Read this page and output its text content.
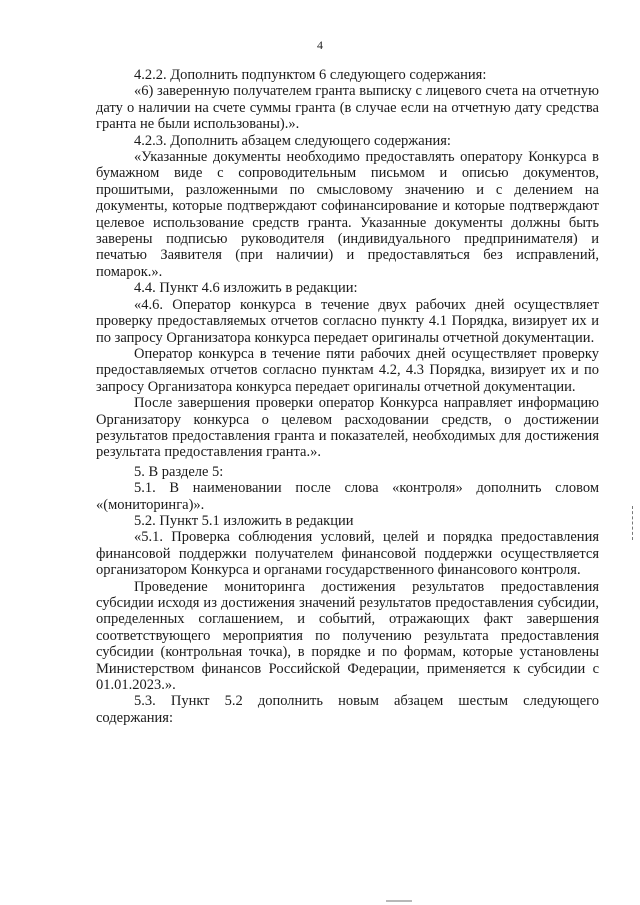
4

4.2.2. Дополнить подпунктом 6 следующего содержания:

«6) заверенную получателем гранта выписку с лицевого счета на отчетную дату о наличии на счете суммы гранта (в случае если на отчетную дату средства гранта не были использованы).».

4.2.3. Дополнить абзацем следующего содержания:

«Указанные документы необходимо предоставлять оператору Конкурса в бумажном виде с сопроводительным письмом и описью документов, прошитыми, разложенными по смысловому значению и с делением на документы, которые подтверждают софинансирование и которые подтверждают целевое использование средств гранта. Указанные документы должны быть заверены подписью руководителя (индивидуального предпринимателя) и печатью Заявителя (при наличии) и предоставляться без исправлений, помарок.».

4.4. Пункт 4.6 изложить в редакции:

«4.6. Оператор конкурса в течение двух рабочих дней осуществляет проверку предоставляемых отчетов согласно пункту 4.1 Порядка, визирует их и по запросу Организатора конкурса передает оригиналы отчетной документации.

Оператор конкурса в течение пяти рабочих дней осуществляет проверку предоставляемых отчетов согласно пунктам 4.2, 4.3 Порядка, визирует их и по запросу Организатора конкурса передает оригиналы отчетной документации.

После завершения проверки оператор Конкурса направляет информацию Организатору конкурса о целевом расходовании средств, о достижении результатов предоставления гранта и показателей, необходимых для достижения результата предоставления гранта.».

5. В разделе 5:

5.1. В наименовании после слова «контроля» дополнить словом «(мониторинга)».

5.2. Пункт 5.1 изложить в редакции

«5.1. Проверка соблюдения условий, целей и порядка предоставления финансовой поддержки получателем финансовой поддержки осуществляется организатором Конкурса и органами государственного финансового контроля.

Проведение мониторинга достижения результатов предоставления субсидии исходя из достижения значений результатов предоставления субсидии, определенных соглашением, и событий, отражающих факт завершения соответствующего мероприятия по получению результата предоставления субсидии (контрольная точка), в порядке и по формам, которые установлены Министерством финансов Российской Федерации, применяется к субсидии с 01.01.2023.».

5.3. Пункт 5.2 дополнить новым абзацем шестым следующего содержания:
